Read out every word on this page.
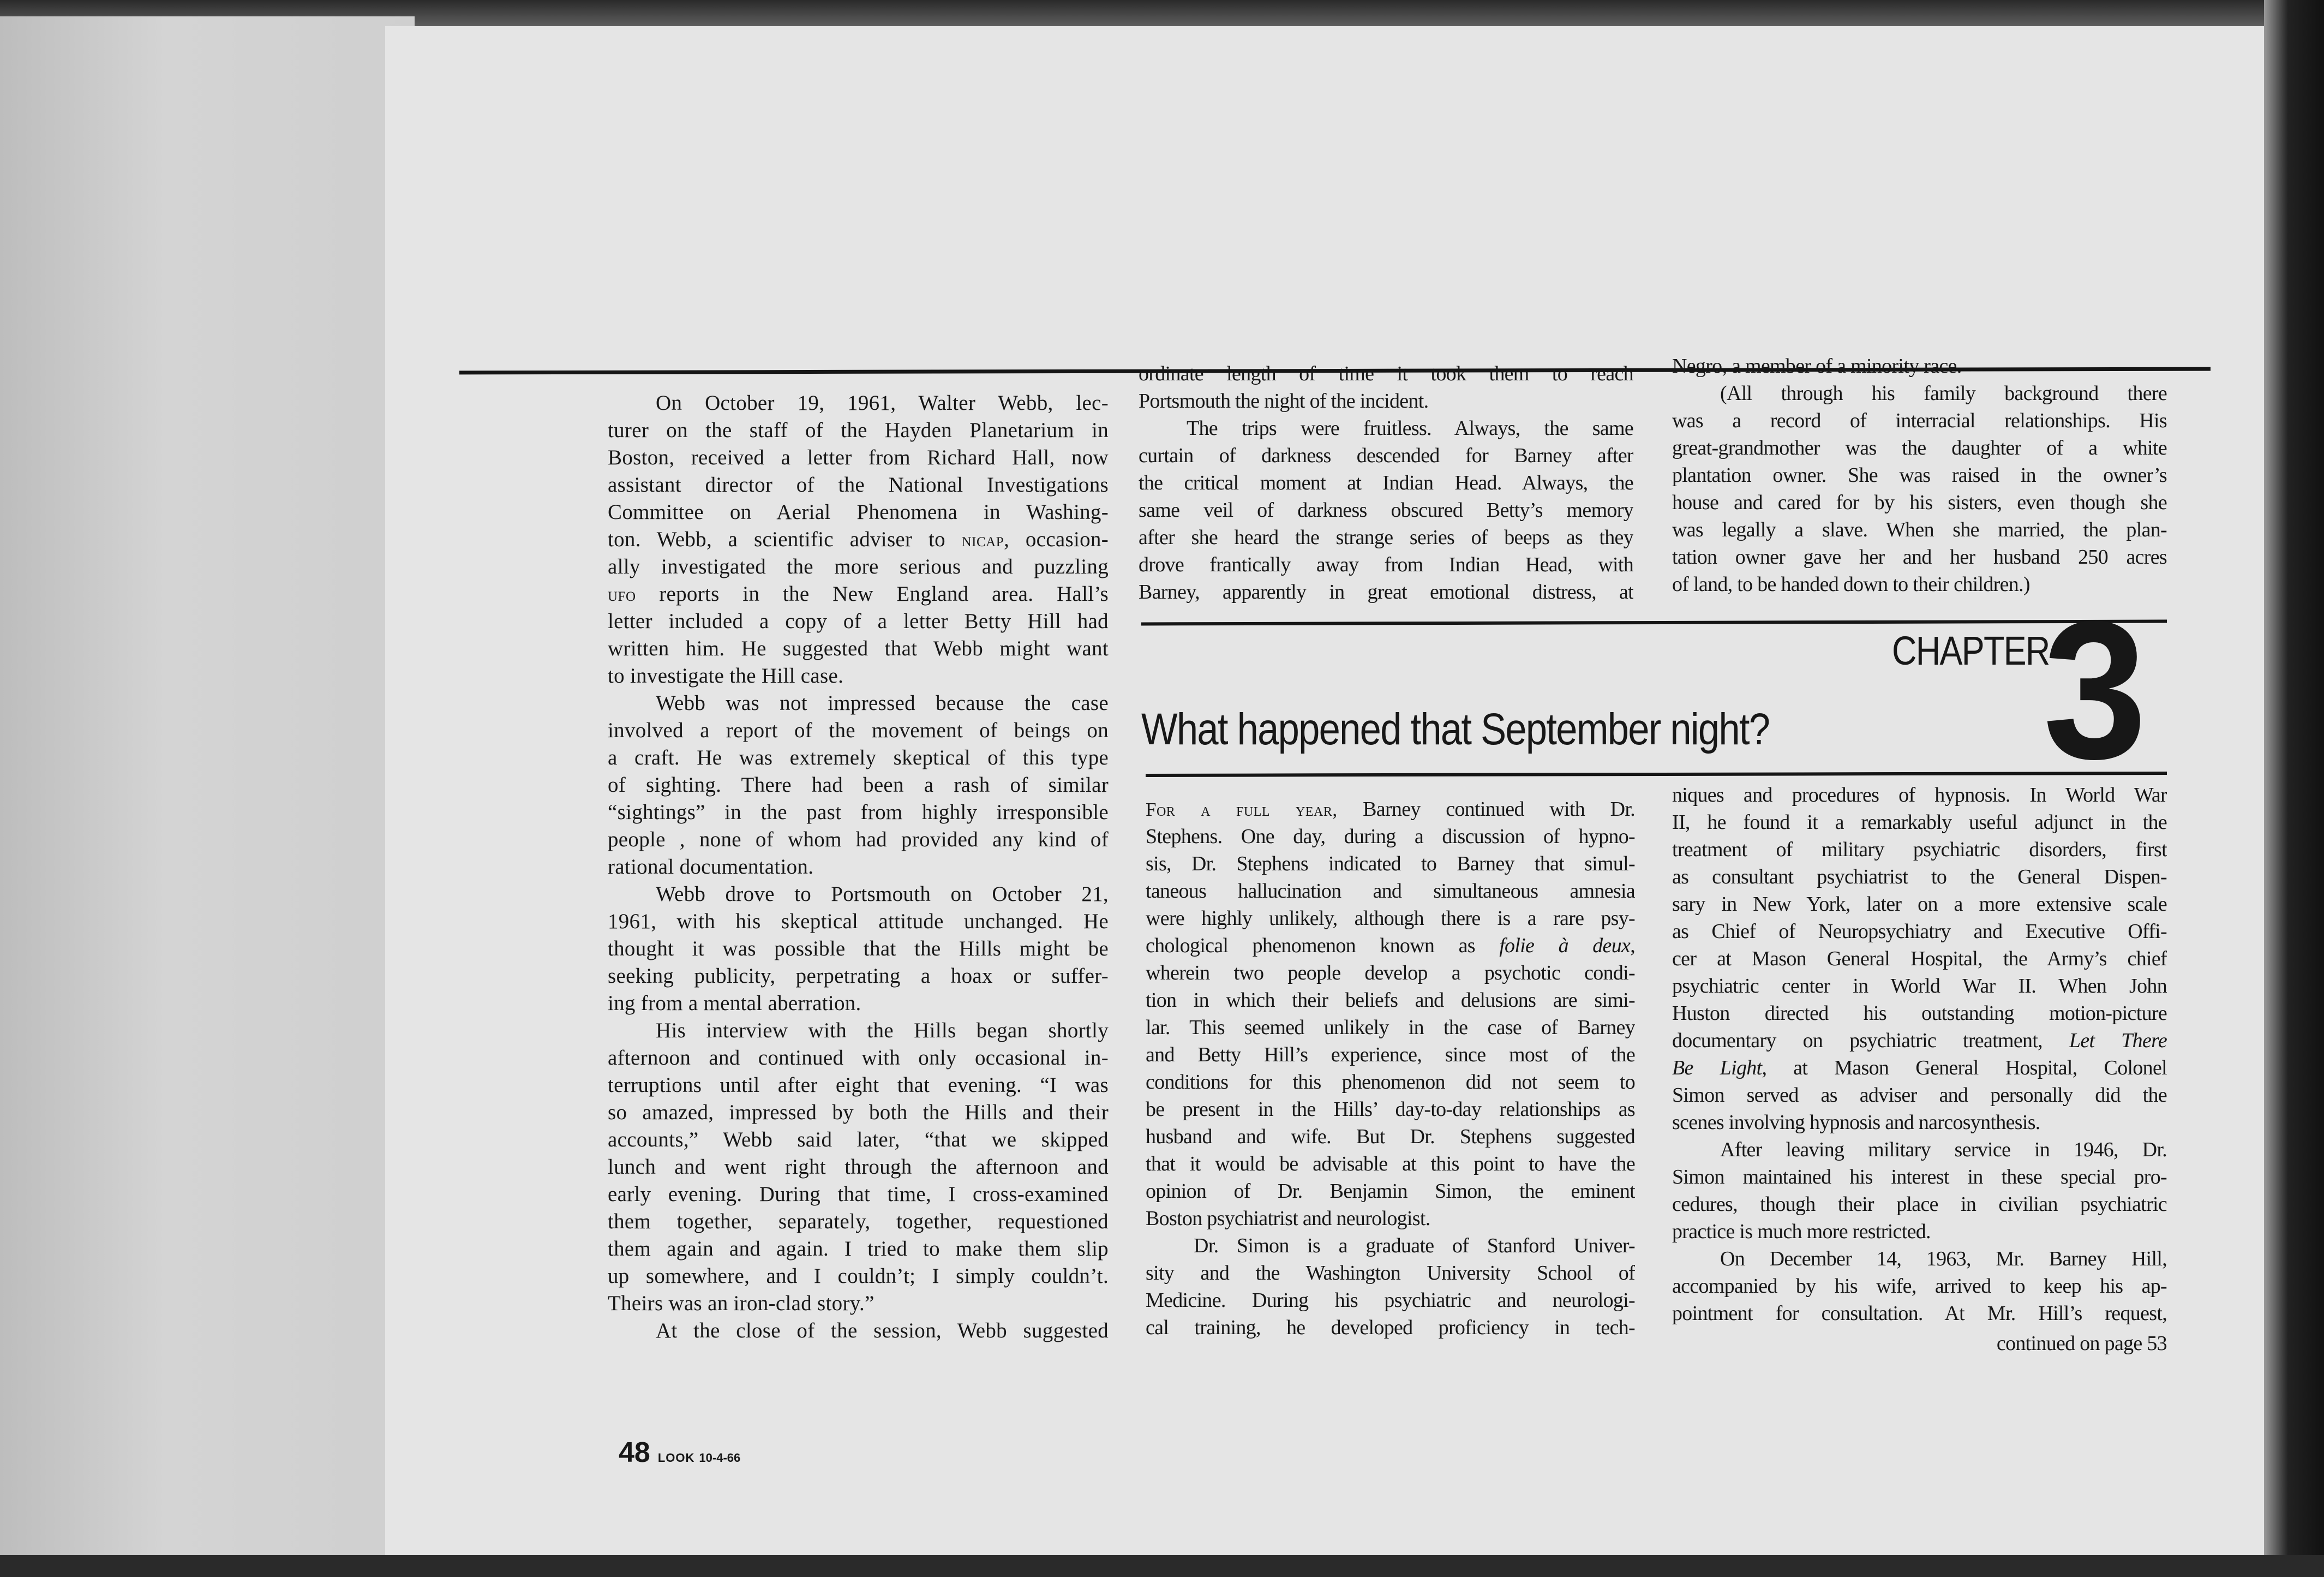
On October 19, 1961, Walter Webb, lec-
turer on the staff of the Hayden Planetarium in
Boston, received a letter from Richard Hall, now
assistant director of the National Investigations
Committee on Aerial Phenomena in Washing-
ton. Webb, a scientific adviser to nicap, occasion-
ally investigated the more serious and puzzling
ufo reports in the New England area. Hall’s
letter included a copy of a letter Betty Hill had
written him. He suggested that Webb might want
to investigate the Hill case.
Webb was not impressed because the case
involved a report of the movement of beings on
a craft. He was extremely skeptical of this type
of sighting. There had been a rash of similar
“sightings” in the past from highly irresponsible
people , none of whom had provided any kind of
rational documentation.
Webb drove to Portsmouth on October 21,
1961, with his skeptical attitude unchanged. He
thought it was possible that the Hills might be
seeking publicity, perpetrating a hoax or suffer-
ing from a mental aberration.
His interview with the Hills began shortly
afternoon and continued with only occasional in-
terruptions until after eight that evening. “I was
so amazed, impressed by both the Hills and their
accounts,” Webb said later, “that we skipped
lunch and went right through the afternoon and
early evening. During that time, I cross-examined
them together, separately, together, requestioned
them again and again. I tried to make them slip
up somewhere, and I couldn’t; I simply couldn’t.
Theirs was an iron-clad story.”
At the close of the session, Webb suggested
ordinate length of time it took them to reach
Portsmouth the night of the incident.
The trips were fruitless. Always, the same
curtain of darkness descended for Barney after
the critical moment at Indian Head. Always, the
same veil of darkness obscured Betty’s memory
after she heard the strange series of beeps as they
drove frantically away from Indian Head, with
Barney, apparently in great emotional distress, at
Negro, a member of a minority race.
(All through his family background there
was a record of interracial relationships. His
great-grandmother was the daughter of a white
plantation owner. She was raised in the owner’s
house and cared for by his sisters, even though she
was legally a slave. When she married, the plan-
tation owner gave her and her husband 250 acres
of land, to be handed down to their children.)
For a full year, Barney continued with Dr.
Stephens. One day, during a discussion of hypno-
sis, Dr. Stephens indicated to Barney that simul-
taneous hallucination and simultaneous amnesia
were highly unlikely, although there is a rare psy-
chological phenomenon known as folie à deux,
wherein two people develop a psychotic condi-
tion in which their beliefs and delusions are simi-
lar. This seemed unlikely in the case of Barney
and Betty Hill’s experience, since most of the
conditions for this phenomenon did not seem to
be present in the Hills’ day-to-day relationships as
husband and wife. But Dr. Stephens suggested
that it would be advisable at this point to have the
opinion of Dr. Benjamin Simon, the eminent
Boston psychiatrist and neurologist.
Dr. Simon is a graduate of Stanford Univer-
sity and the Washington University School of
Medicine. During his psychiatric and neurologi-
cal training, he developed proficiency in tech-
niques and procedures of hypnosis. In World War
II, he found it a remarkably useful adjunct in the
treatment of military psychiatric disorders, first
as consultant psychiatrist to the General Dispen-
sary in New York, later on a more extensive scale
as Chief of Neuropsychiatry and Executive Offi-
cer at Mason General Hospital, the Army’s chief
psychiatric center in World War II. When John
Huston directed his outstanding motion-picture
documentary on psychiatric treatment, Let There
Be Light, at Mason General Hospital, Colonel
Simon served as adviser and personally did the
scenes involving hypnosis and narcosynthesis.
After leaving military service in 1946, Dr.
Simon maintained his interest in these special pro-
cedures, though their place in civilian psychiatric
practice is much more restricted.
On December 14, 1963, Mr. Barney Hill,
accompanied by his wife, arrived to keep his ap-
pointment for consultation. At Mr. Hill’s request,
CHAPTER
3
What happened that September night?
continued on page 53
48 LOOK 10-4-66
